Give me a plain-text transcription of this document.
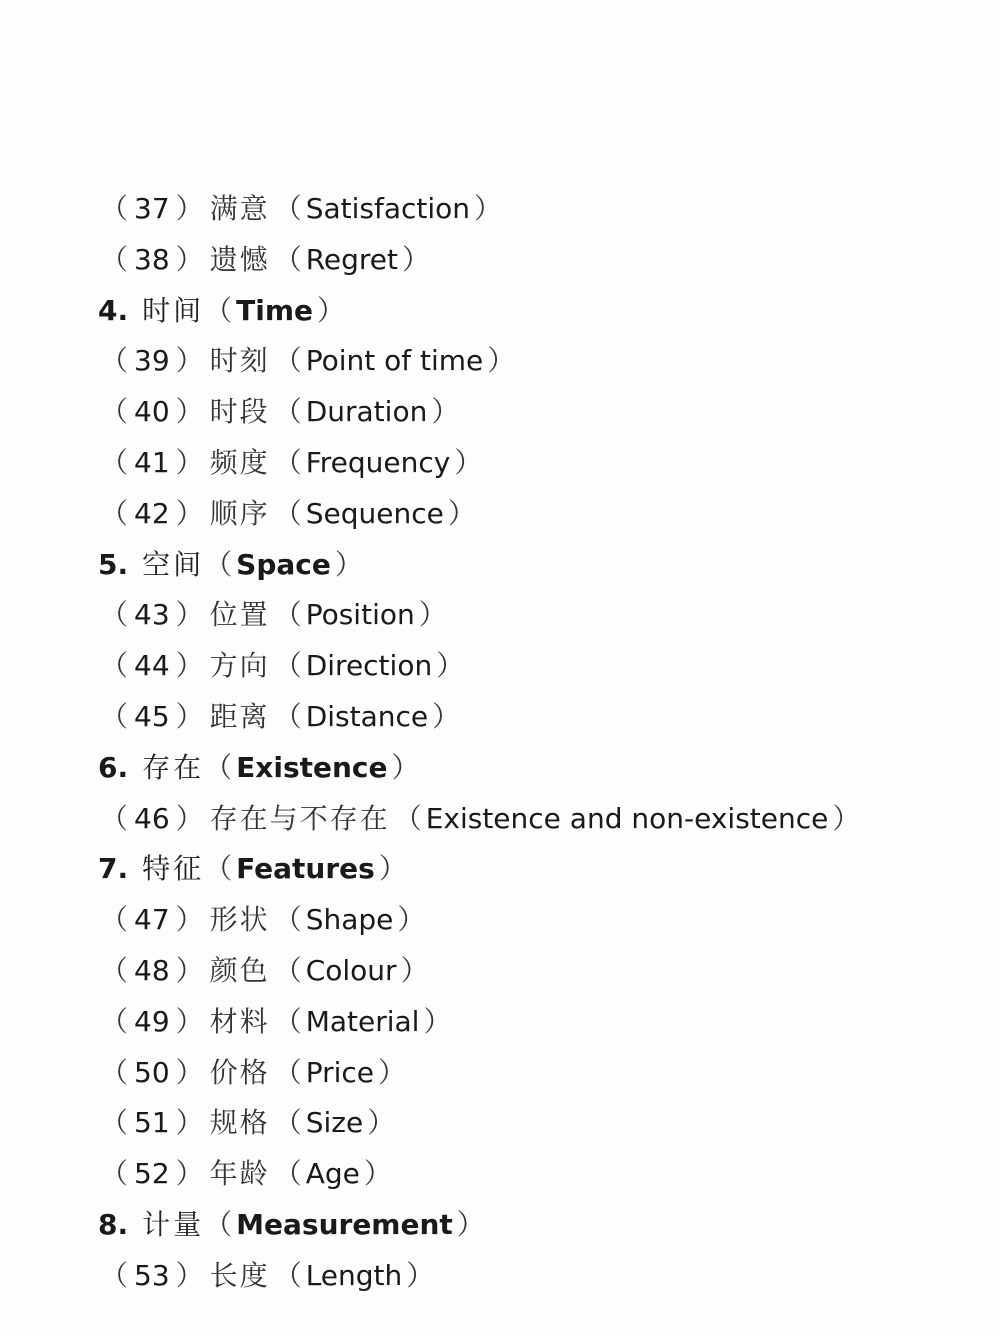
（ 37 ） 满意 （ Satisfaction ）
（ 38 ） 遗憾 （ Regret ）
4. 时间（ Time ）
（ 39 ） 时刻 （ Point of time ）
（ 40 ） 时段 （ Duration ）
（ 41 ） 频度 （ Frequency ）
（ 42 ） 顺序 （ Sequence ）
5. 空间（ Space ）
（ 43 ） 位置 （ Position ）
（ 44 ） 方向 （ Direction ）
（ 45 ） 距离 （ Distance ）
6. 存在（ Existence ）
（ 46 ） 存在与不存在 （ Existence and non-existence ）
7. 特征（ Features ）
（ 47 ） 形状 （ Shape ）
（ 48 ） 颜色 （ Colour ）
（ 49 ） 材料 （ Material ）
（ 50 ） 价格 （ Price ）
（ 51 ） 规格 （ Size ）
（ 52 ） 年龄 （ Age ）
8. 计量（ Measurement ）
（ 53 ） 长度 （ Length ）
